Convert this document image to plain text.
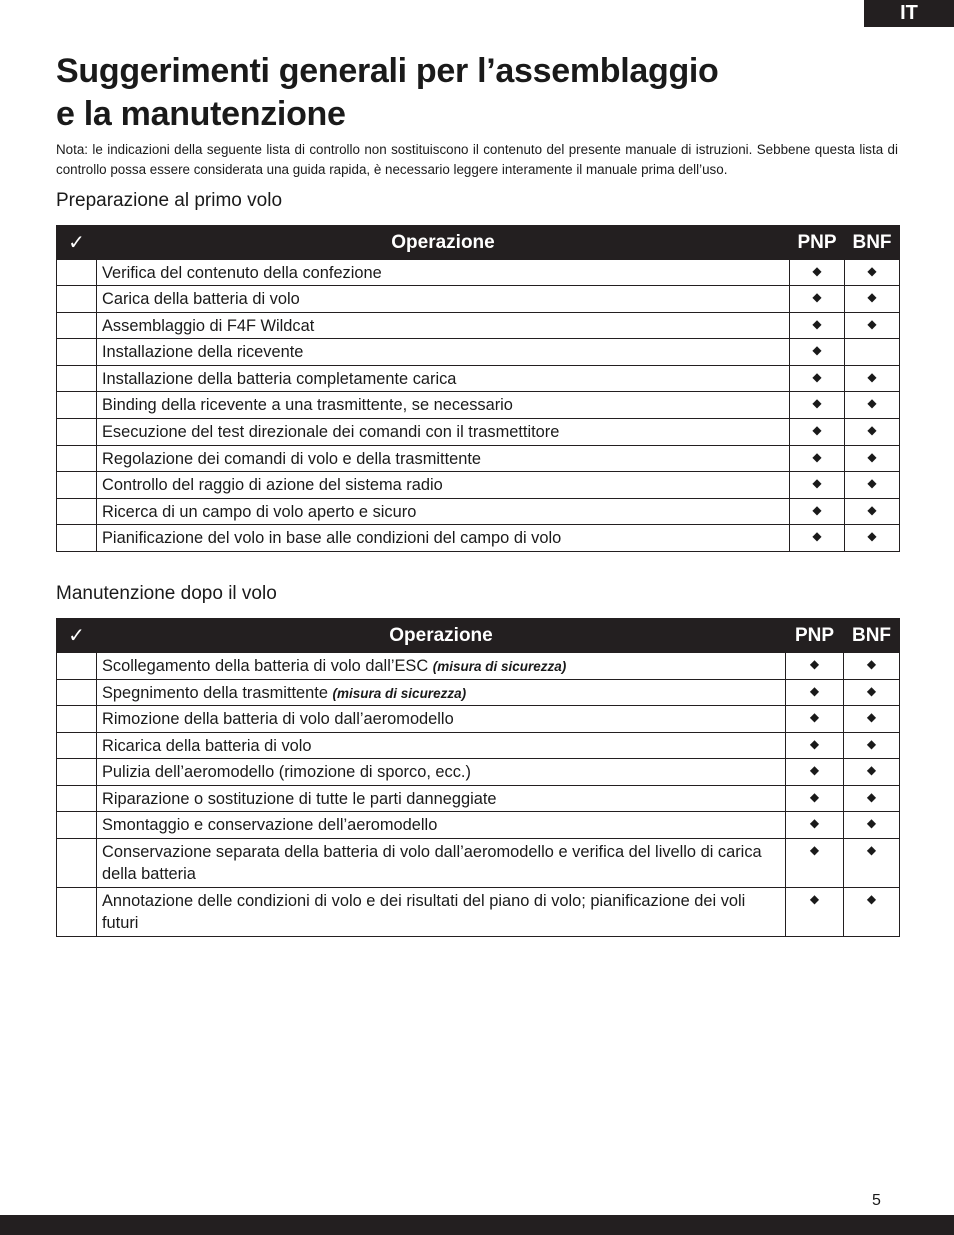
IT
Suggerimenti generali per l’assemblaggio
e la manutenzione

Nota: le indicazioni della seguente lista di controllo non sostituiscono il contenuto del presente manuale di istruzioni. Sebbene questa lista di controllo possa essere considerata una guida rapida, è necessario leggere interamente il manuale prima dell’uso.

Preparazione al primo volo
✓	Operazione	PNP	BNF
	Verifica del contenuto della confezione	◆	◆
	Carica della batteria di volo	◆	◆
	Assemblaggio di F4F Wildcat	◆	◆
	Installazione della ricevente	◆	
	Installazione della batteria completamente carica	◆	◆
	Binding della ricevente a una trasmittente, se necessario	◆	◆
	Esecuzione del test direzionale dei comandi con il trasmettitore	◆	◆
	Regolazione dei comandi di volo e della trasmittente	◆	◆
	Controllo del raggio di azione del sistema radio	◆	◆
	Ricerca di un campo di volo aperto e sicuro	◆	◆
	Pianificazione del volo in base alle condizioni del campo di volo	◆	◆
Manutenzione dopo il volo
✓	Operazione	PNP	BNF
	Scollegamento della batteria di volo dall’ESC (misura di sicurezza)	◆	◆
	Spegnimento della trasmittente (misura di sicurezza)	◆	◆
	Rimozione della batteria di volo dall’aeromodello	◆	◆
	Ricarica della batteria di volo	◆	◆
	Pulizia dell’aeromodello (rimozione di sporco, ecc.)	◆	◆
	Riparazione o sostituzione di tutte le parti danneggiate	◆	◆
	Smontaggio e conservazione dell’aeromodello	◆	◆
	Conservazione separata della batteria di volo dall’aeromodello e verifica del livello di carica della batteria	◆	◆
	Annotazione delle condizioni di volo e dei risultati del piano di volo; pianificazione dei voli futuri	◆	◆
5
